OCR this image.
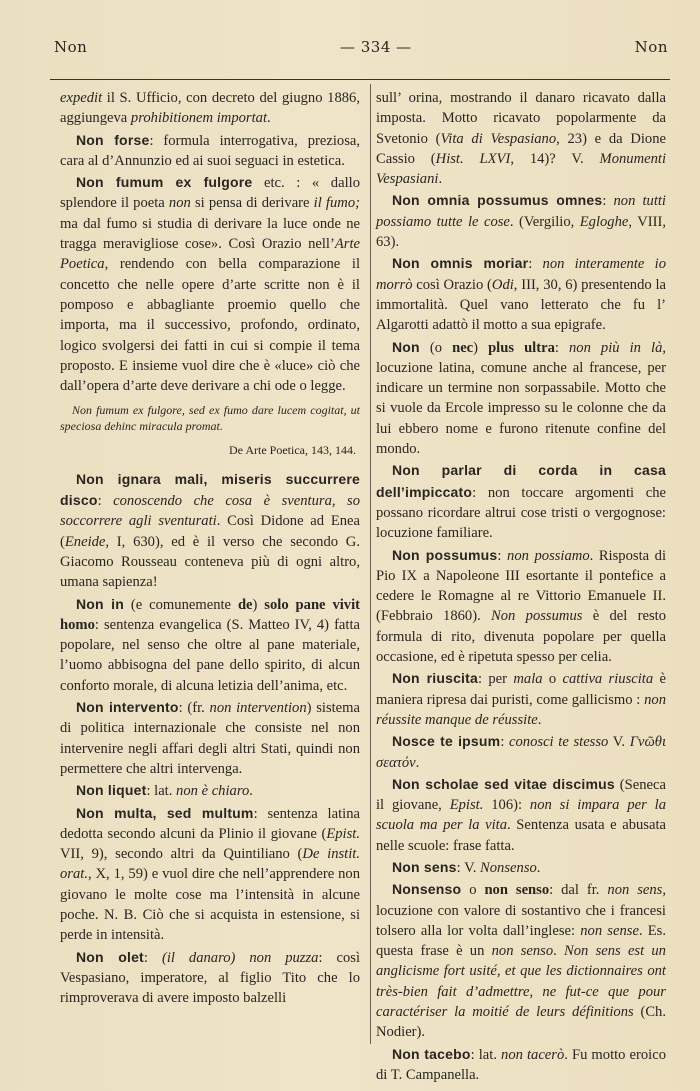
Non	— 334 —	Non
expedit il S. Ufficio, con decreto del giugno 1886, aggiungeva prohibitionem importat.
Non forse: formula interrogativa, preziosa, cara al d’Annunzio ed ai suoi seguaci in estetica.
Non fumum ex fulgore etc. : « dallo splendore il poeta non si pensa di derivare il fumo; ma dal fumo si studia di derivare la luce onde ne tragga meravigliose cose». Così Orazio nell’Arte Poetica, rendendo con bella comparazione il concetto che nelle opere d’arte scritte non è il pomposo e abbagliante proemio quello che importa, ma il successivo, profondo, ordinato, logico svolgersi dei fatti in cui si compie il tema proposto. E insieme vuol dire che è «luce» ciò che dall’opera d’arte deve derivare a chi ode o legge.
Non fumum ex fulgore, sed ex fumo dare lucem cogitat, ut speciosa dehinc miracula promat.
De Arte Poetica, 143, 144.
Non ignara mali, miseris succurrere disco: conoscendo che cosa è sventura, so soccorrere agli sventurati. Così Didone ad Enea (Eneide, I, 630), ed è il verso che secondo G. Giacomo Rousseau conteneva più di ogni altro, umana sapienza!
Non in (e comunemente de) solo pane vivit homo: sentenza evangelica (S. Matteo IV, 4) fatta popolare, nel senso che oltre al pane materiale, l’uomo abbisogna del pane dello spirito, di alcun conforto morale, di alcuna letizia dell’anima, etc.
Non intervento: (fr. non intervention) sistema di politica internazionale che consiste nel non intervenire negli affari degli altri Stati, quindi non permettere che altri intervenga.
Non liquet: lat. non è chiaro.
Non multa, sed multum: sentenza latina dedotta secondo alcuni da Plinio il giovane (Epist. VII, 9), secondo altri da Quintiliano (De instit. orat., X, 1, 59) e vuol dire che nell’apprendere non giovano le molte cose ma l’intensità in alcune poche. N. B. Ciò che si acquista in estensione, si perde in intensità.
Non olet: (il danaro) non puzza: così Vespasiano, imperatore, al figlio Tito che lo rimproverava di avere imposto balzelli
sull’ orina, mostrando il danaro ricavato dalla imposta. Motto ricavato popolarmente da Svetonio (Vita di Vespasiano, 23) e da Dione Cassio (Hist. LXVI, 14)? V. Monumenti Vespasiani.
Non omnia possumus omnes: non tutti possiamo tutte le cose. (Vergilio, Egloghe, VIII, 63).
Non omnis moriar: non interamente io morrò così Orazio (Odi, III, 30, 6) presentendo la immortalità. Quel vano letterato che fu l’ Algarotti adattò il motto a sua epigrafe.
Non (o nec) plus ultra: non più in là, locuzione latina, comune anche al francese, per indicare un termine non sorpassabile. Motto che si vuole da Ercole impresso su le colonne che da lui ebbero nome e furono ritenute confine del mondo.
Non parlar di corda in casa dell’impiccato: non toccare argomenti che possano ricordare altrui cose tristi o vergognose: locuzione familiare.
Non possumus: non possiamo. Risposta di Pio IX a Napoleone III esortante il pontefice a cedere le Romagne al re Vittorio Emanuele II. (Febbraio 1860). Non possumus è del resto formula di rito, divenuta popolare per quella occasione, ed è ripetuta spesso per celia.
Non riuscita: per mala o cattiva riuscita è maniera ripresa dai puristi, come gallicismo : non réussite manque de réussite.
Nosce te ipsum: conosci te stesso V. Γνῶθι σεατόν.
Non scholae sed vitae discimus (Seneca il giovane, Epist. 106): non si impara per la scuola ma per la vita. Sentenza usata e abusata nelle scuole: frase fatta.
Non sens: V. Nonsenso.
Nonsenso o non senso: dal fr. non sens, locuzione con valore di sostantivo che i francesi tolsero alla lor volta dall’inglese: non sense. Es. questa frase è un non senso. Non sens est un anglicisme fort usité, et que les dictionnaires ont très-bien fait d’admettre, ne fut-ce que pour caractériser la moitié de leurs définitions (Ch. Nodier).
Non tacebo: lat. non tacerò. Fu motto eroico di T. Campanella.
